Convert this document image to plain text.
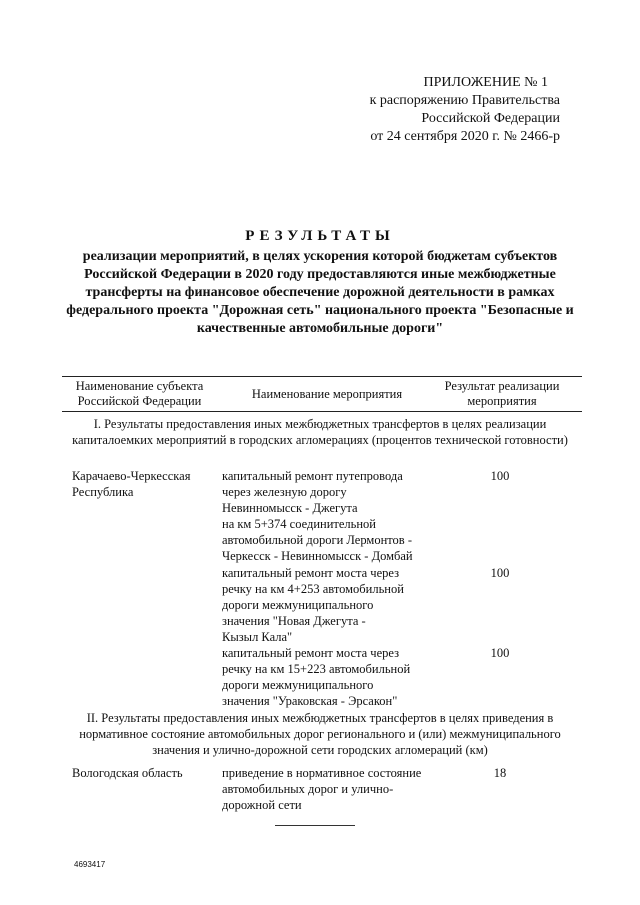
ПРИЛОЖЕНИЕ № 1
к распоряжению Правительства
Российской Федерации
от 24 сентября 2020 г. № 2466-р
РЕЗУЛЬТАТЫ
реализации мероприятий, в целях ускорения которой бюджетам субъектов Российской Федерации в 2020 году предоставляются иные межбюджетные трансферты на финансовое обеспечение дорожной деятельности в рамках федерального проекта "Дорожная сеть" национального проекта "Безопасные и качественные автомобильные дороги"
Наименование субъекта Российской Федерации	Наименование мероприятия
Результат реализации мероприятия
I. Результаты предоставления иных межбюджетных трансфертов в целях реализации капиталоемких мероприятий в городских агломерациях (процентов технической готовности)
Карачаево-Черкесская Республика
капитальный ремонт путепровода
через железную дорогу
Невинномысск - Джегута
на км 5+374 соединительной
автомобильной дороги Лермонтов -
Черкесск - Невинномысск - Домбай
100
капитальный ремонт моста через
речку на км 4+253 автомобильной
дороги межмуниципального
значения "Новая Джегута -
Кызыл Кала"
100
капитальный ремонт моста через
речку на км 15+223 автомобильной
дороги межмуниципального
значения "Ураковская - Эрсакон"
100
II. Результаты предоставления иных межбюджетных трансфертов в целях приведения в нормативное состояние автомобильных дорог регионального и (или) межмуниципального значения и улично-дорожной сети городских агломераций (км)
Вологодская область	приведение в нормативное состояние
автомобильных дорог и улично-
дорожной сети
18
4693417
